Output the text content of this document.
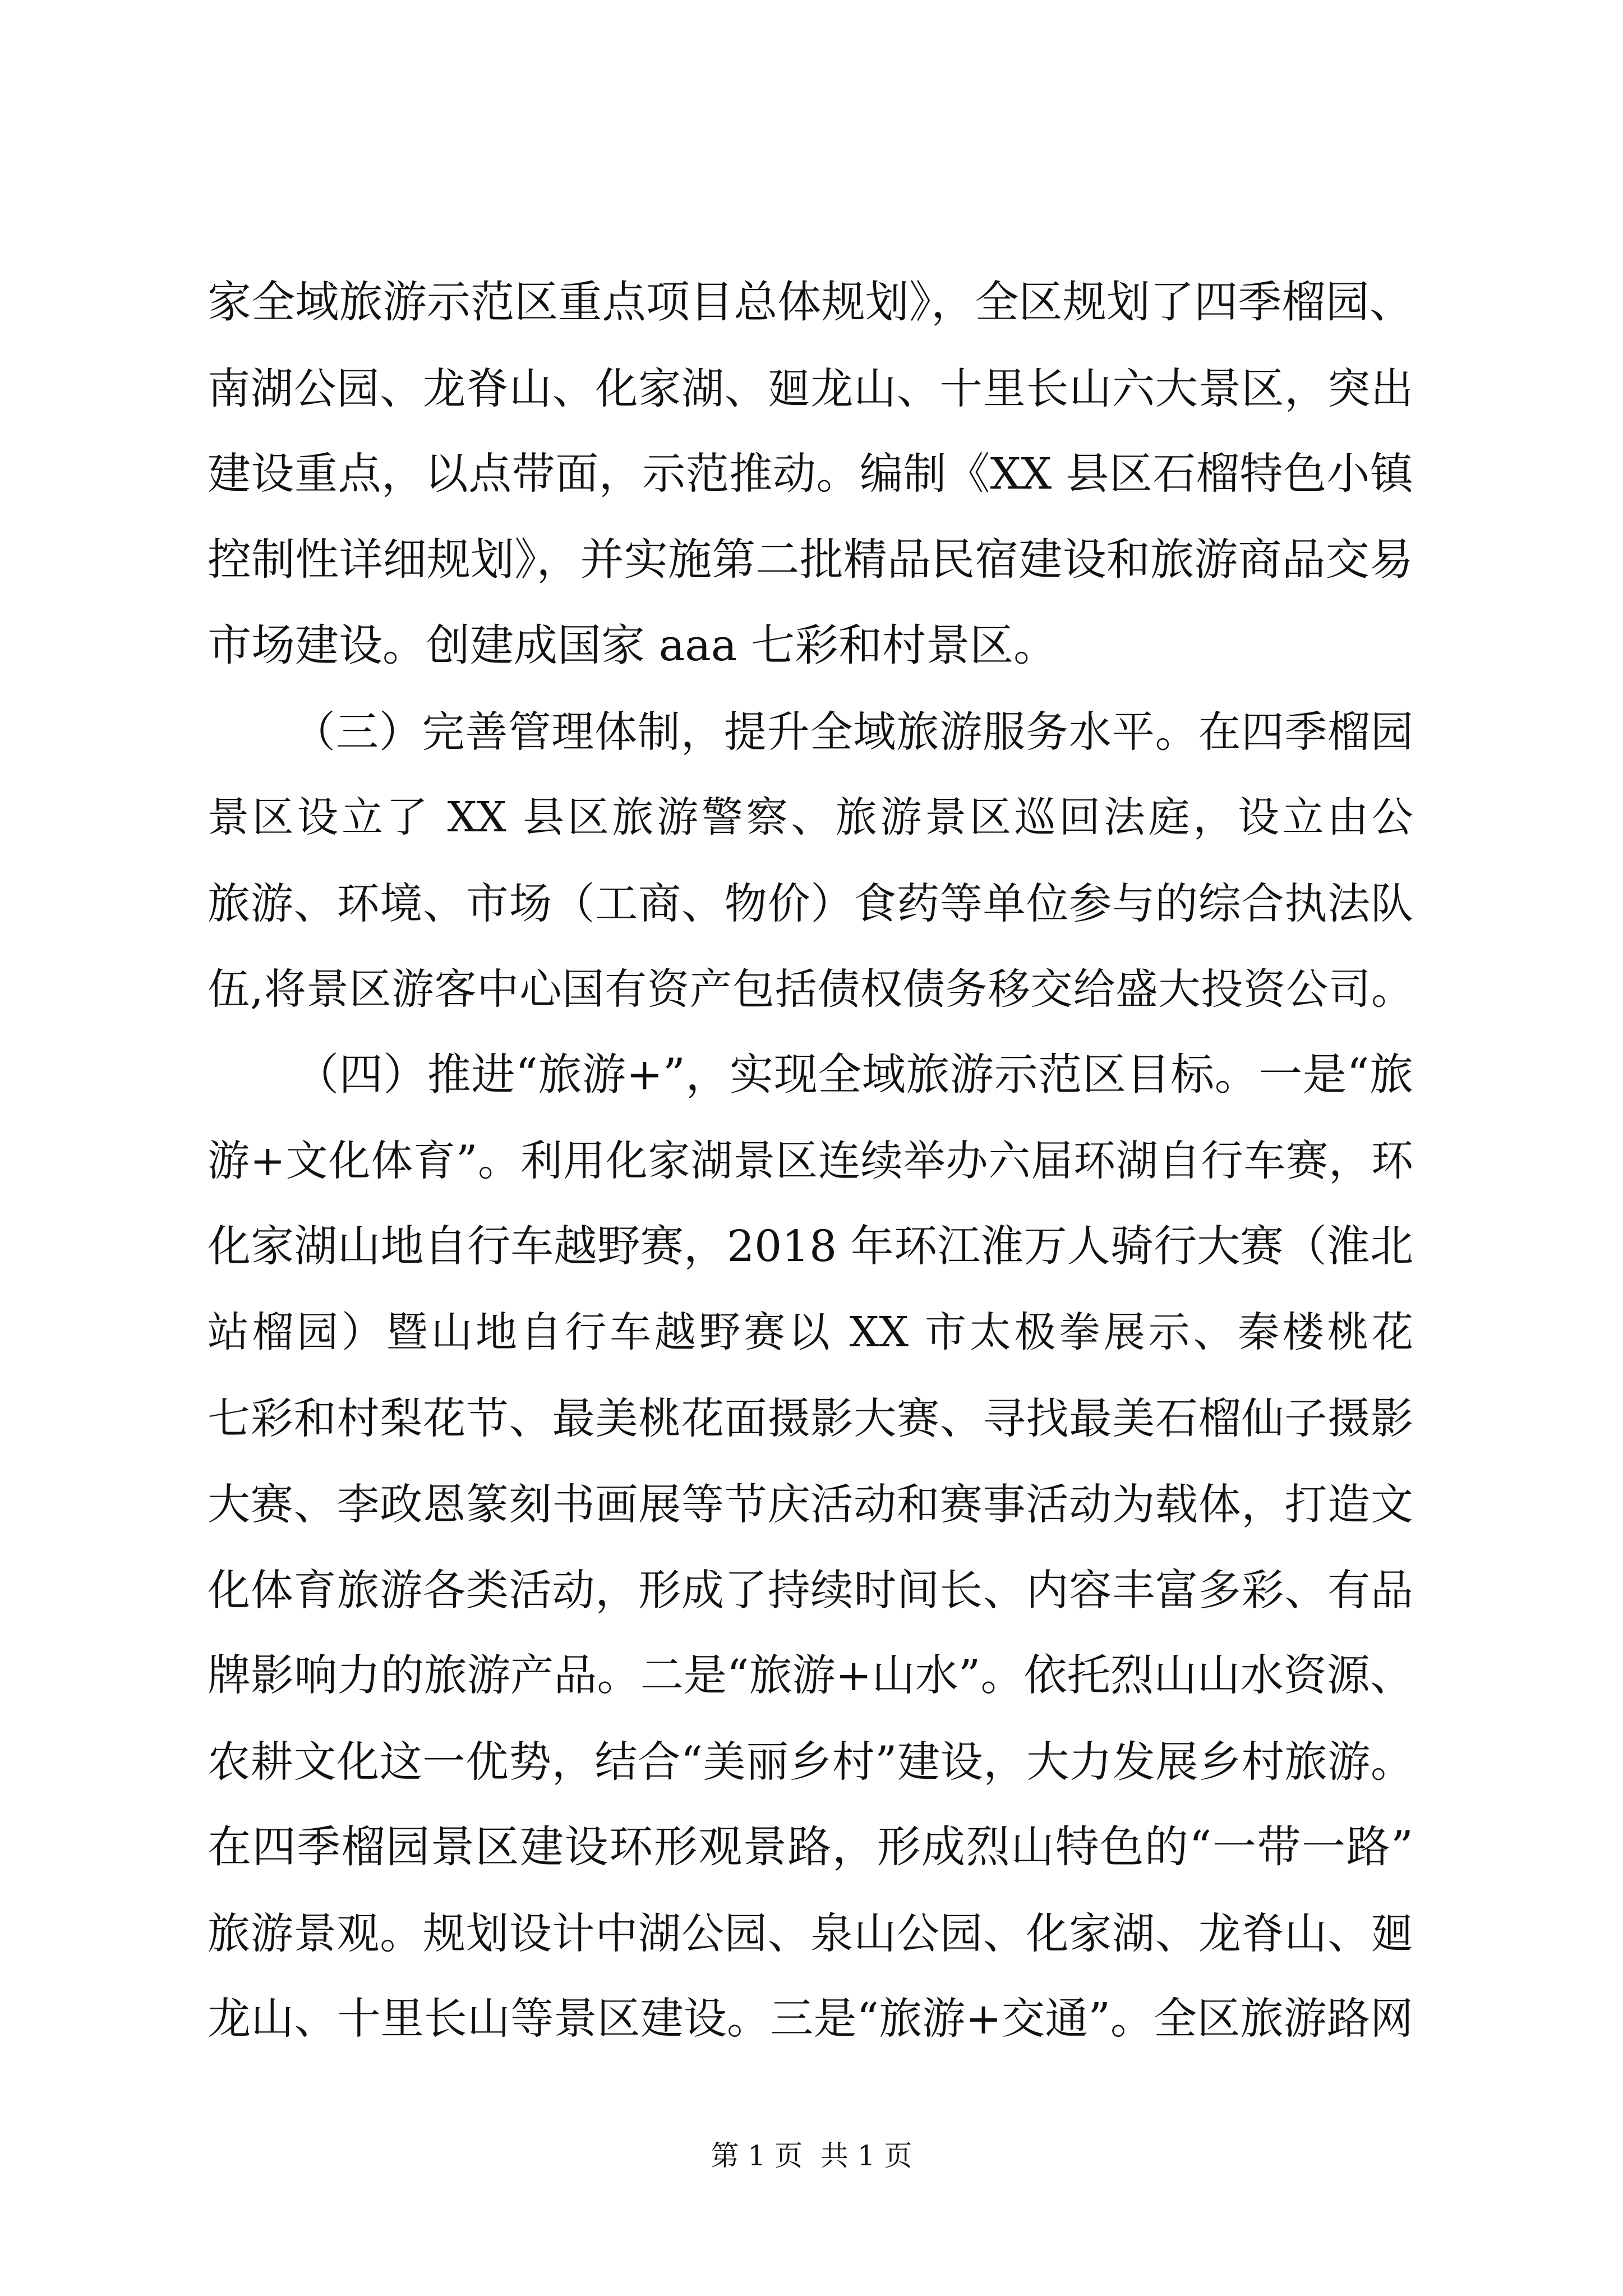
家全域旅游示范区重点项目总体规划》，全区规划了四季榴园、
南湖公园、龙脊山、化家湖、廻龙山、十里长山六大景区，突出
建设重点，以点带面，示范推动。编制《XX 县区石榴特色小镇
控制性详细规划》，并实施第二批精品民宿建设和旅游商品交易
市场建设。创建成国家 aaa 七彩和村景区。
（三）完善管理体制，提升全域旅游服务水平。在四季榴园
景区设立了 XX 县区旅游警察、旅游景区巡回法庭，设立由公
旅游、环境、市场（工商、物价）食药等单位参与的综合执法队
伍,将景区游客中心国有资产包括债权债务移交给盛大投资公司。
（四）推进“旅游+”，实现全域旅游示范区目标。一是“旅
游+文化体育”。利用化家湖景区连续举办六届环湖自行车赛，环
化家湖山地自行车越野赛，2018 年环江淮万人骑行大赛（淮北
站榴园）暨山地自行车越野赛以 XX 市太极拳展示、秦楼桃花
七彩和村梨花节、最美桃花面摄影大赛、寻找最美石榴仙子摄影
大赛、李政恩篆刻书画展等节庆活动和赛事活动为载体，打造文
化体育旅游各类活动，形成了持续时间长、内容丰富多彩、有品
牌影响力的旅游产品。二是“旅游+山水”。依托烈山山水资源、
农耕文化这一优势，结合“美丽乡村”建设，大力发展乡村旅游。
在四季榴园景区建设环形观景路，形成烈山特色的“一带一路”
旅游景观。规划设计中湖公园、泉山公园、化家湖、龙脊山、廻
龙山、十里长山等景区建设。三是“旅游+交通”。全区旅游路网
第 1 页  共 1 页
